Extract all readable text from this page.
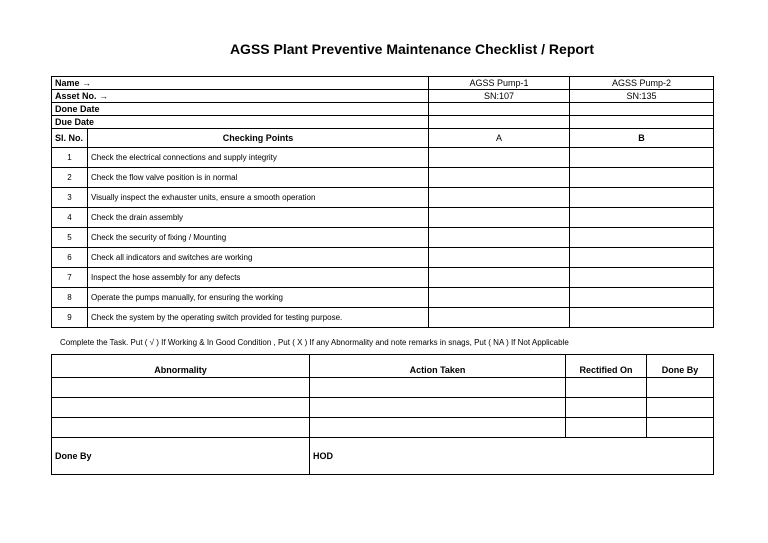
AGSS Plant Preventive Maintenance Checklist / Report
Name →		AGSS Pump-1	AGSS Pump-2
Asset No. →		SN:107	SN:135
Done Date			
Due Date			
Sl. No.	Checking Points	A	B
1	Check the electrical connections and supply integrity		
2	Check the flow valve position is in normal		
3	Visually inspect the exhauster units, ensure a smooth operation		
4	Check the drain assembly		
5	Check the security of fixing / Mounting		
6	Check all indicators and switches are working		
7	Inspect the hose assembly for any defects		
8	Operate the pumps manually, for ensuring the working		
9	Check the system by the operating switch provided for testing purpose.		
Complete the Task. Put ( √ ) If Working & In Good Condition , Put ( X ) If any Abnormality and note remarks in snags, Put ( NA ) If Not Applicable
Abnormality	Action Taken	Rectified On	Done By

Done By	HOD		
